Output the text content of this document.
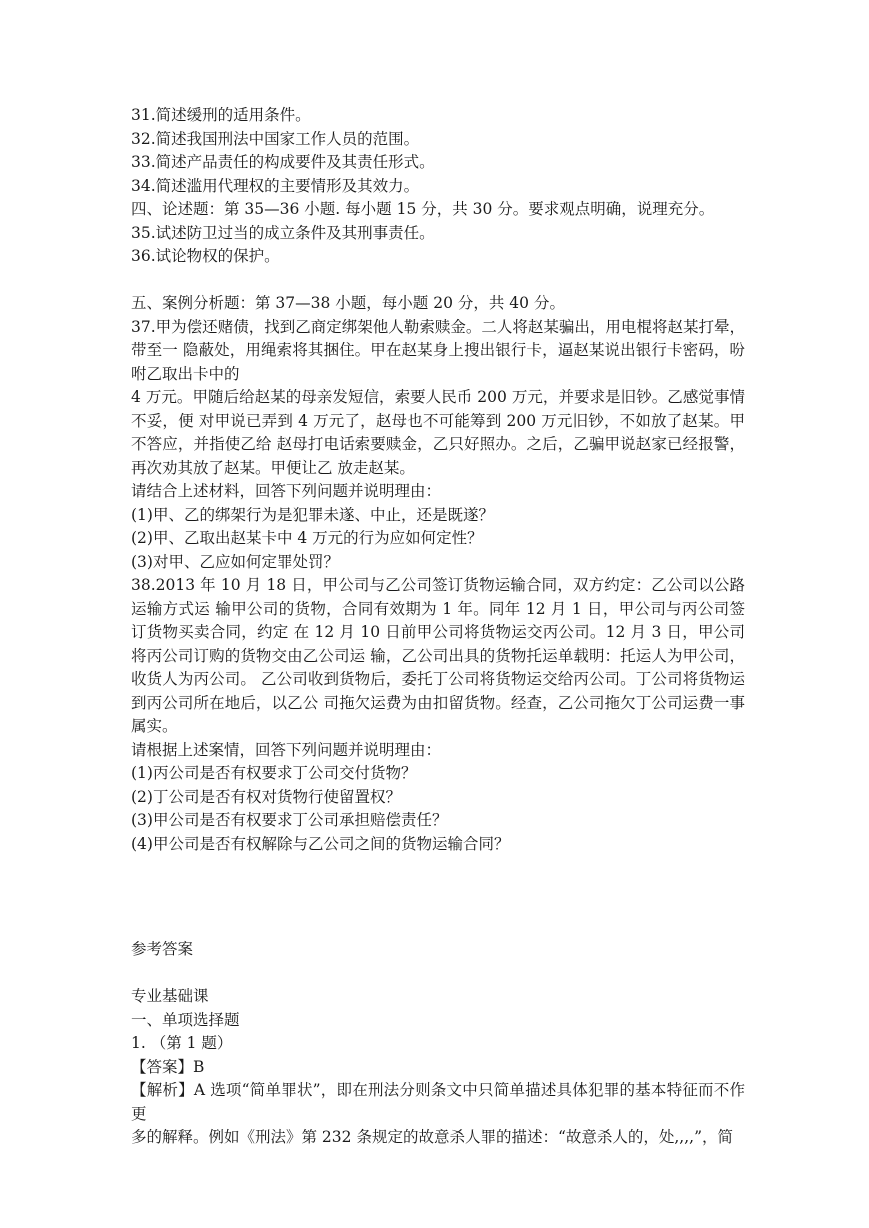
31.简述缓刑的适用条件。

32.简述我国刑法中国家工作人员的范围。

33.简述产品责任的构成要件及其责任形式。

34.简述滥用代理权的主要情形及其效力。

四、论述题：第 35—36 小题. 每小题 15 分，共 30 分。要求观点明确，说理充分。

35.试述防卫过当的成立条件及其刑事责任。

36.试论物权的保护。

五、案例分析题：第 37—38 小题，每小题 20 分，共 40 分。

37.甲为偿还赌债，找到乙商定绑架他人勒索赎金。二人将赵某骗出，用电棍将赵某打晕，带至一 隐蔽处，用绳索将其捆住。甲在赵某身上搜出银行卡，逼赵某说出银行卡密码，吩咐乙取出卡中的

4 万元。甲随后给赵某的母亲发短信，索要人民币 200 万元，并要求是旧钞。乙感觉事情不妥，便 对甲说已弄到 4 万元了，赵母也不可能筹到 200 万元旧钞，不如放了赵某。甲不答应，并指使乙给 赵母打电话索要赎金，乙只好照办。之后，乙骗甲说赵家已经报警，再次劝其放了赵某。甲便让乙 放走赵某。

请结合上述材料，回答下列问题并说明理由：

(1)甲、乙的绑架行为是犯罪未遂、中止，还是既遂？

(2)甲、乙取出赵某卡中 4 万元的行为应如何定性？

(3)对甲、乙应如何定罪处罚？

38.2013 年 10 月 18 日，甲公司与乙公司签订货物运输合同，双方约定：乙公司以公路运输方式运 输甲公司的货物，合同有效期为 1 年。同年 12 月 1 日，甲公司与丙公司签订货物买卖合同，约定 在 12 月 10 日前甲公司将货物运交丙公司。12 月 3 日，甲公司将丙公司订购的货物交由乙公司运 输，乙公司出具的货物托运单载明：托运人为甲公司，收货人为丙公司。 乙公司收到货物后，委托丁公司将货物运交给丙公司。丁公司将货物运到丙公司所在地后，以乙公 司拖欠运费为由扣留货物。经查，乙公司拖欠丁公司运费一事属实。

请根据上述案情，回答下列问题并说明理由：

(1)丙公司是否有权要求丁公司交付货物？

(2)丁公司是否有权对货物行使留置权？

(3)甲公司是否有权要求丁公司承担赔偿责任？

(4)甲公司是否有权解除与乙公司之间的货物运输合同？

参考答案

专业基础课

一、单项选择题

1. （第 1 题）

【答案】B

【解析】A 选项“简单罪状”，即在刑法分则条文中只简单描述具体犯罪的基本特征而不作更

多的解释。例如《刑法》第 232 条规定的故意杀人罪的描述：“故意杀人的，处,,,,”，简
